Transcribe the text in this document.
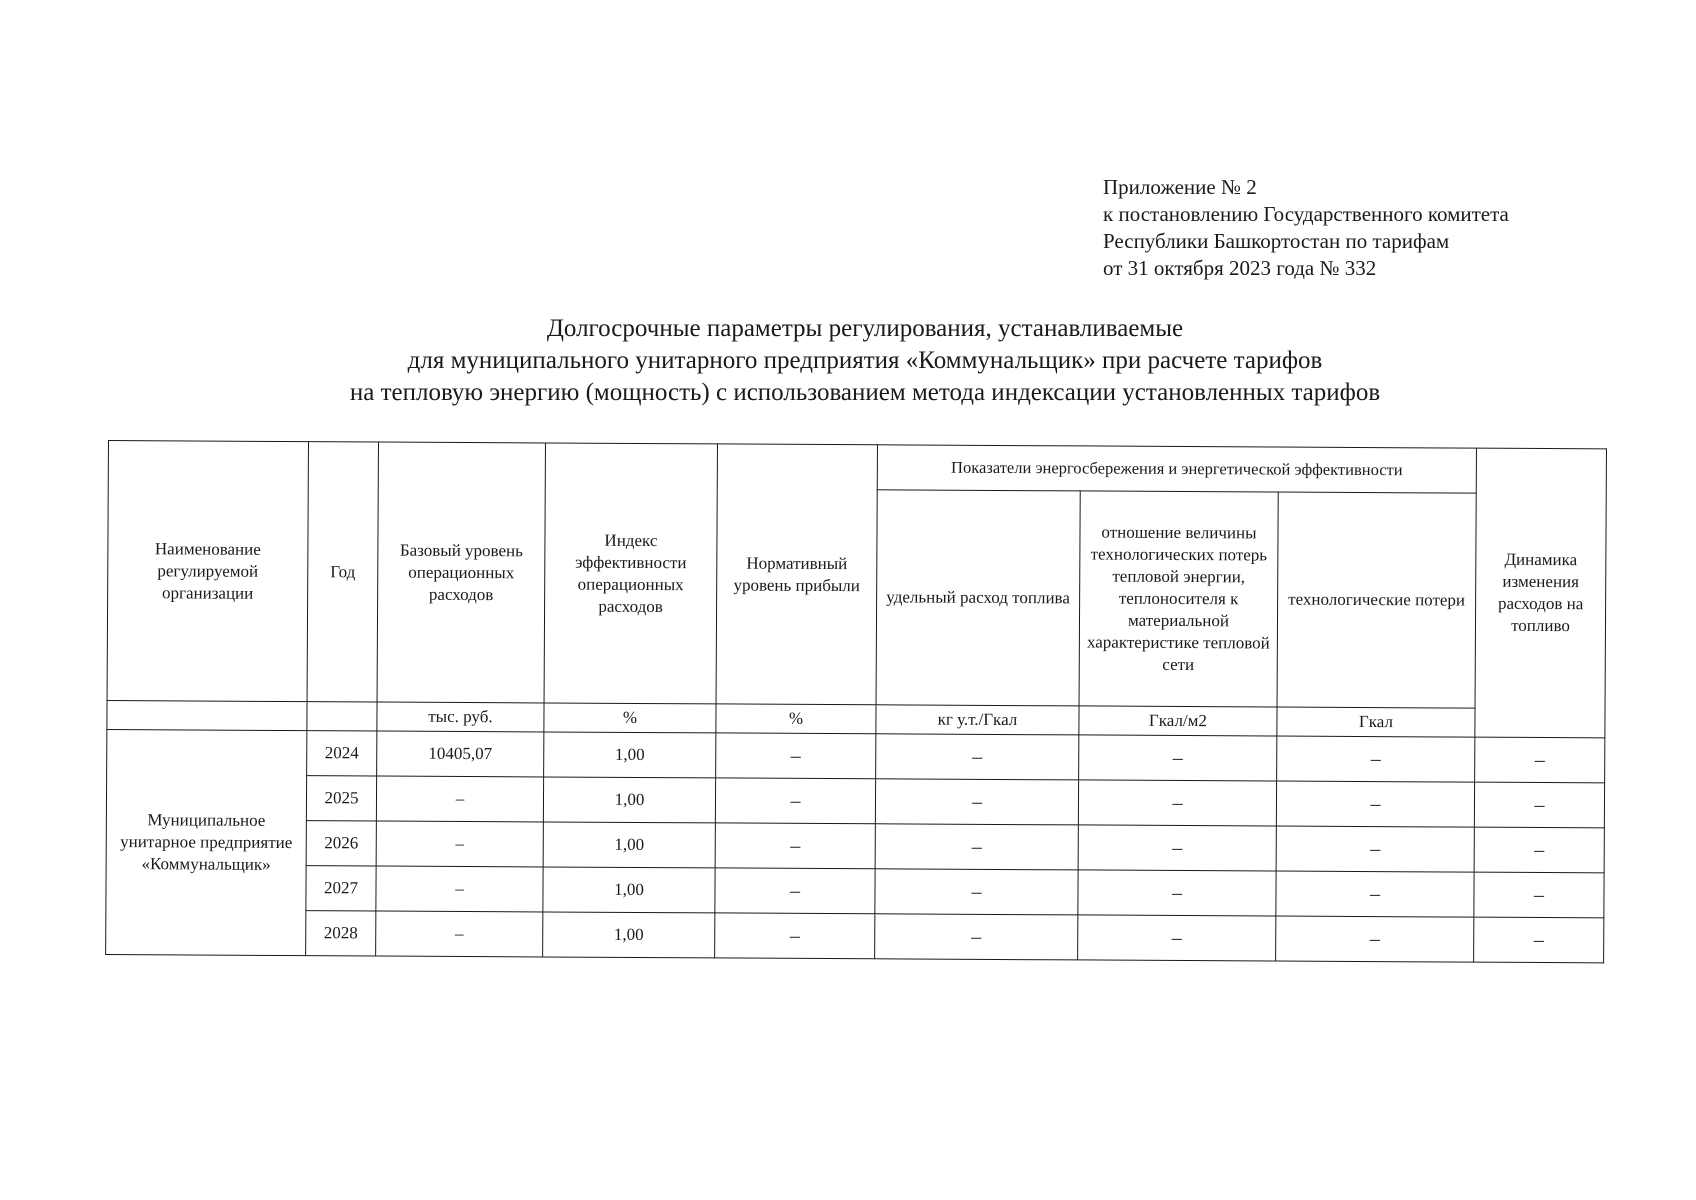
Приложение № 2
к постановлению Государственного комитета
Республики Башкортостан по тарифам
от 31 октября 2023 года № 332
Долгосрочные параметры регулирования, устанавливаемые
для муниципального унитарного предприятия «Коммунальщик» при расчете тарифов
на тепловую энергию (мощность) с использованием метода индексации установленных тарифов
Наименование регулируемой организации	Год	Базовый уровень операционных расходов	Индекс эффективности операционных расходов	Нормативный уровень прибыли	Показатели энергосбережения и энергетической эффективности			Динамика изменения расходов на топливо
					удельный расход топлива	отношение величины технологических потерь тепловой энергии, теплоносителя к материальной характеристике тепловой сети	технологические потери	
		тыс. руб.	%	%	кг у.т./Гкал	Гкал/м2	Гкал	
Муниципальное унитарное предприятие «Коммунальщик»	2024	10405,07	1,00	–	–	–	–	–
	2025	–	1,00	–	–	–	–	–
	2026	–	1,00	–	–	–	–	–
	2027	–	1,00	–	–	–	–	–
	2028	–	1,00	–	–	–	–	–
